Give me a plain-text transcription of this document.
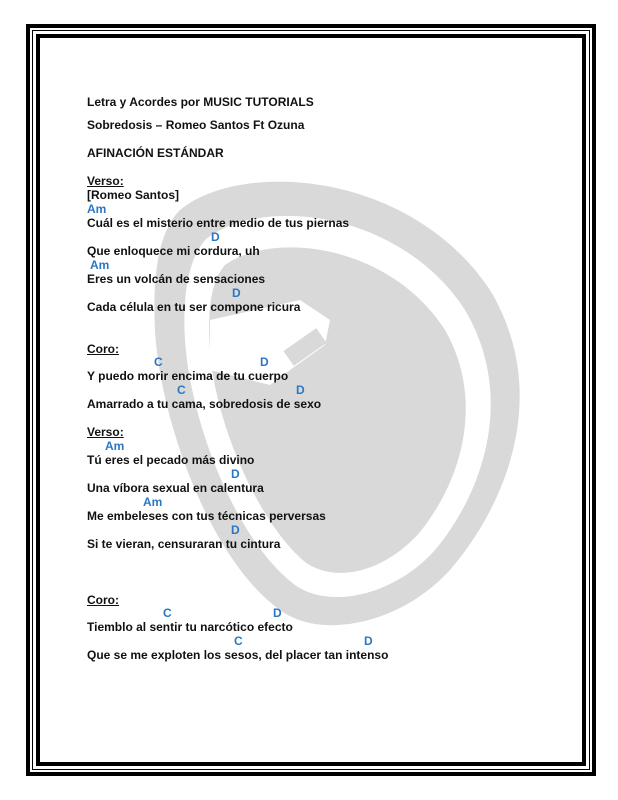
Letra y Acordes por MUSIC TUTORIALS
Sobredosis – Romeo Santos Ft Ozuna
AFINACIÓN ESTÁNDAR
Verso:
[Romeo Santos]
Am
Cuál es el misterio entre medio de tus piernas
D
Que enloquece mi cordura, uh
Am
Eres un volcán de sensaciones
D
Cada célula en tu ser compone ricura
Coro:
C	D
Y puedo morir encima de tu cuerpo
C	D
Amarrado a tu cama, sobredosis de sexo
Verso:
Am
Tú eres el pecado más divino
D
Una víbora sexual en calentura
Am
Me embeleses con tus técnicas perversas
D
Si te vieran, censuraran tu cintura
Coro:
C	D
Tiemblo al sentir tu narcótico efecto
C	D
Que se me exploten los sesos, del placer tan intenso
